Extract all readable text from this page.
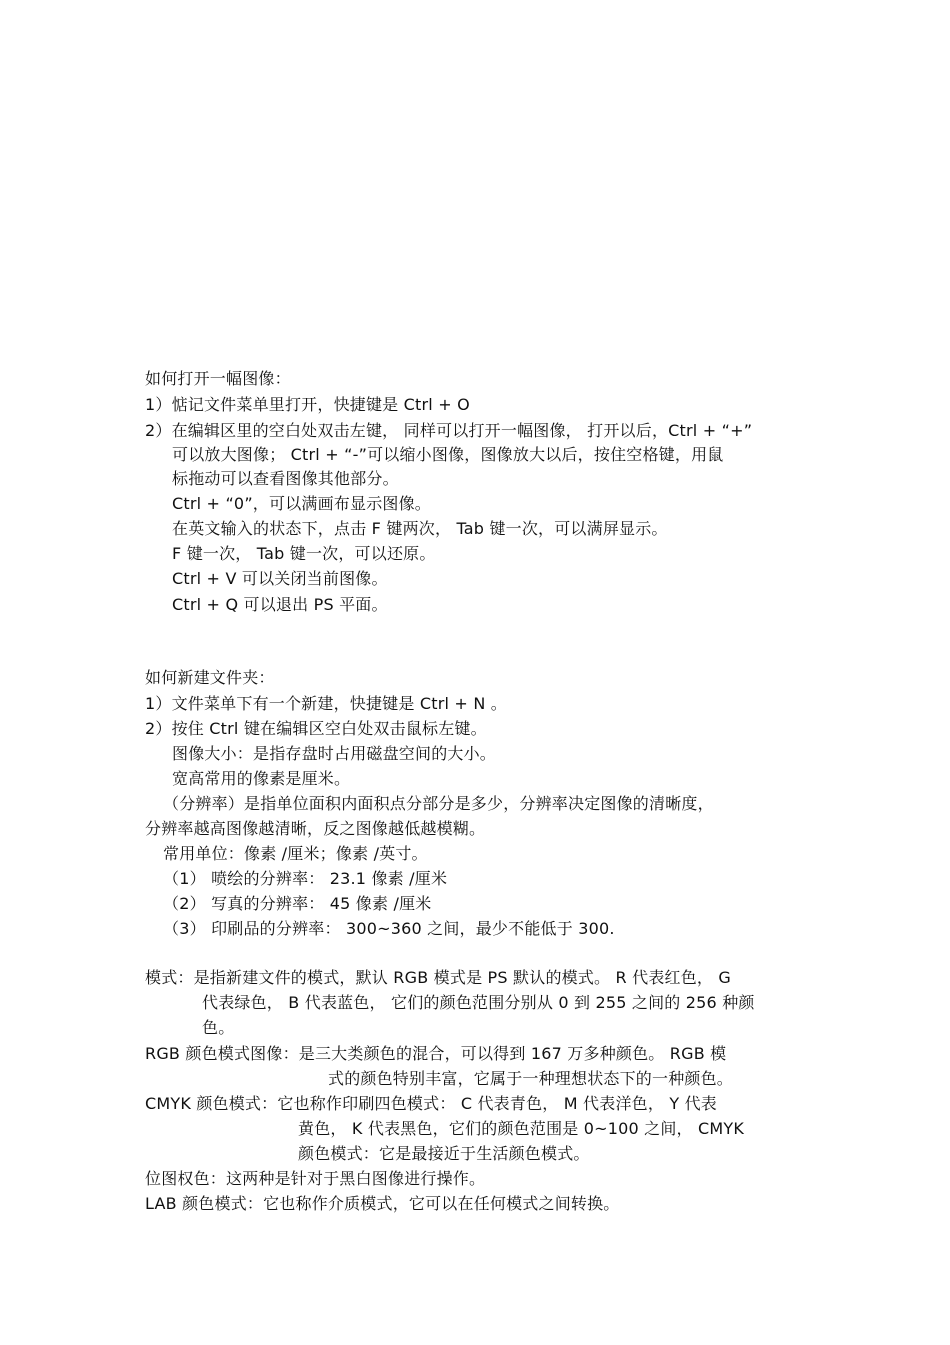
如何打开一幅图像：
1）惦记文件菜单里打开，快捷键是 Ctrl + O
2）在编辑区里的空白处双击左键， 同样可以打开一幅图像， 打开以后，Ctrl + “+”
可以放大图像； Ctrl + “-”可以缩小图像，图像放大以后，按住空格键，用鼠
标拖动可以查看图像其他部分。
Ctrl + “0”，可以满画布显示图像。
在英文输入的状态下，点击 F 键两次， Tab 键一次，可以满屏显示。
F 键一次， Tab 键一次，可以还原。
Ctrl + V 可以关闭当前图像。
Ctrl + Q 可以退出 PS 平面。
如何新建文件夹：
1）文件菜单下有一个新建，快捷键是 Ctrl + N 。
2）按住 Ctrl 键在编辑区空白处双击鼠标左键。
图像大小：是指存盘时占用磁盘空间的大小。
宽高常用的像素是厘米。
（分辨率）是指单位面积内面积点分部分是多少，分辨率决定图像的清晰度，
分辨率越高图像越清晰，反之图像越低越模糊。
常用单位：像素 /厘米；像素 /英寸。
（1） 喷绘的分辨率： 23.1 像素 /厘米
（2） 写真的分辨率： 45 像素 /厘米
（3） 印刷品的分辨率： 300~360 之间，最少不能低于 300.
模式：是指新建文件的模式，默认 RGB 模式是 PS 默认的模式。 R 代表红色， G
代表绿色， B 代表蓝色， 它们的颜色范围分别从 0 到 255 之间的 256 种颜
色。
RGB 颜色模式图像：是三大类颜色的混合，可以得到 167 万多种颜色。 RGB 模
式的颜色特别丰富，它属于一种理想状态下的一种颜色。
CMYK 颜色模式：它也称作印刷四色模式： C 代表青色， M 代表洋色， Y 代表
黄色， K 代表黑色，它们的颜色范围是 0~100 之间， CMYK
颜色模式：它是最接近于生活颜色模式。
位图权色：这两种是针对于黑白图像进行操作。
LAB 颜色模式：它也称作介质模式，它可以在任何模式之间转换。
